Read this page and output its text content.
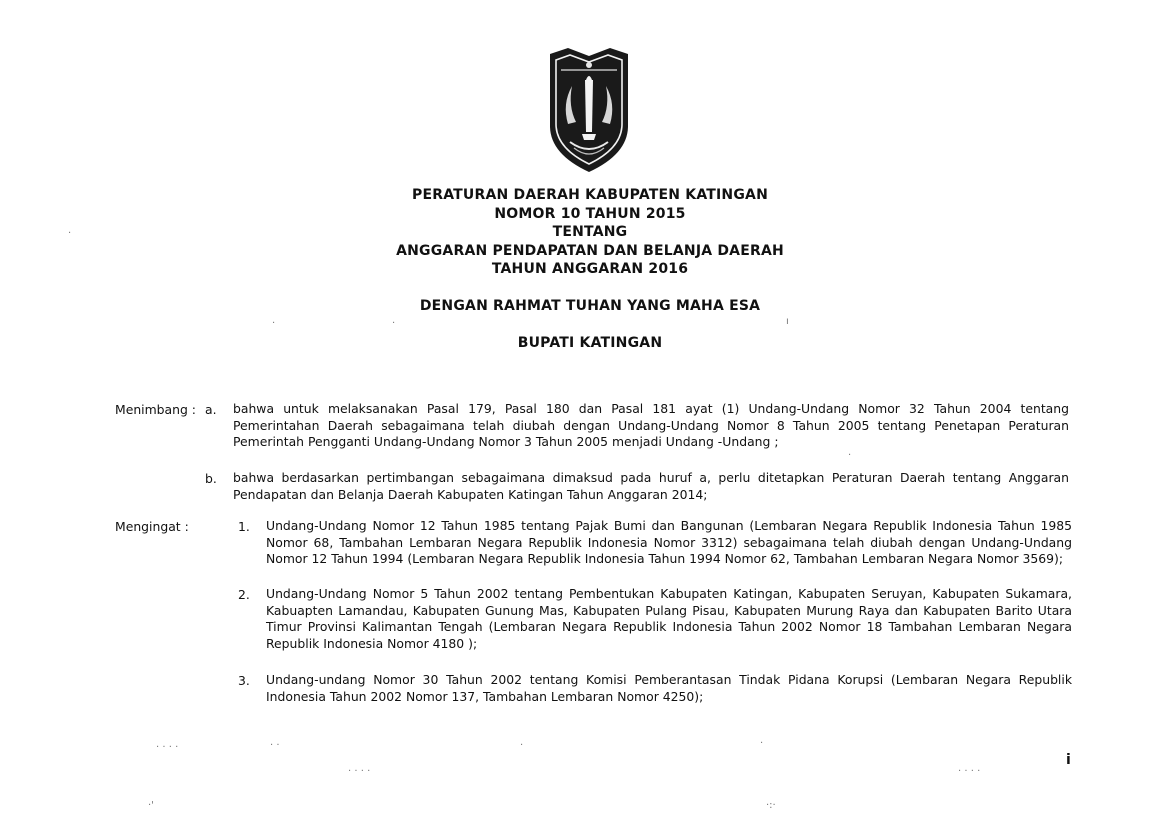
PERATURAN DAERAH KABUPATEN KATINGAN
NOMOR 10 TAHUN 2015
TENTANG
ANGGARAN PENDAPATAN DAN BELANJA DAERAH
TAHUN ANGGARAN 2016
DENGAN RAHMAT TUHAN YANG MAHA ESA
BUPATI KATINGAN
Menimbang : a. bahwa untuk melaksanakan Pasal 179, Pasal 180 dan Pasal 181 ayat (1) Undang-Undang Nomor 32 Tahun 2004 tentang Pemerintahan Daerah sebagaimana telah diubah dengan Undang-Undang Nomor 8 Tahun 2005 tentang Penetapan Peraturan Pemerintah Pengganti Undang-Undang Nomor 3 Tahun 2005 menjadi Undang -Undang ;
b. bahwa berdasarkan pertimbangan sebagaimana dimaksud pada huruf a, perlu ditetapkan Peraturan Daerah tentang Anggaran Pendapatan dan Belanja Daerah Kabupaten Katingan Tahun Anggaran 2014;
Mengingat :	1. Undang-Undang Nomor 12 Tahun 1985 tentang Pajak Bumi dan Bangunan (Lembaran Negara Republik Indonesia Tahun 1985 Nomor 68, Tambahan Lembaran Negara Republik Indonesia Nomor 3312) sebagaimana telah diubah dengan Undang-Undang Nomor 12 Tahun 1994 (Lembaran Negara Republik Indonesia Tahun 1994 Nomor 62, Tambahan Lembaran Negara Nomor 3569);
2. Undang-Undang Nomor 5 Tahun 2002 tentang Pembentukan Kabupaten Katingan, Kabupaten Seruyan, Kabupaten Sukamara, Kabuapten Lamandau, Kabupaten Gunung Mas, Kabupaten Pulang Pisau, Kabupaten Murung Raya dan Kabupaten Barito Utara Timur Provinsi Kalimantan Tengah (Lembaran Negara Republik Indonesia Tahun 2002 Nomor 18 Tambahan Lembaran Negara Republik Indonesia Nomor 4180 );
3. Undang-undang Nomor 30 Tahun 2002 tentang Komisi Pemberantasan Tindak Pidana Korupsi (Lembaran Negara Republik Indonesia Tahun 2002 Nomor 137, Tambahan Lembaran Nomor 4250);
·
·	·	ı
·
· · · ·	· ·	·	·
· · · ·	· · · ·
·'	·:·
i
